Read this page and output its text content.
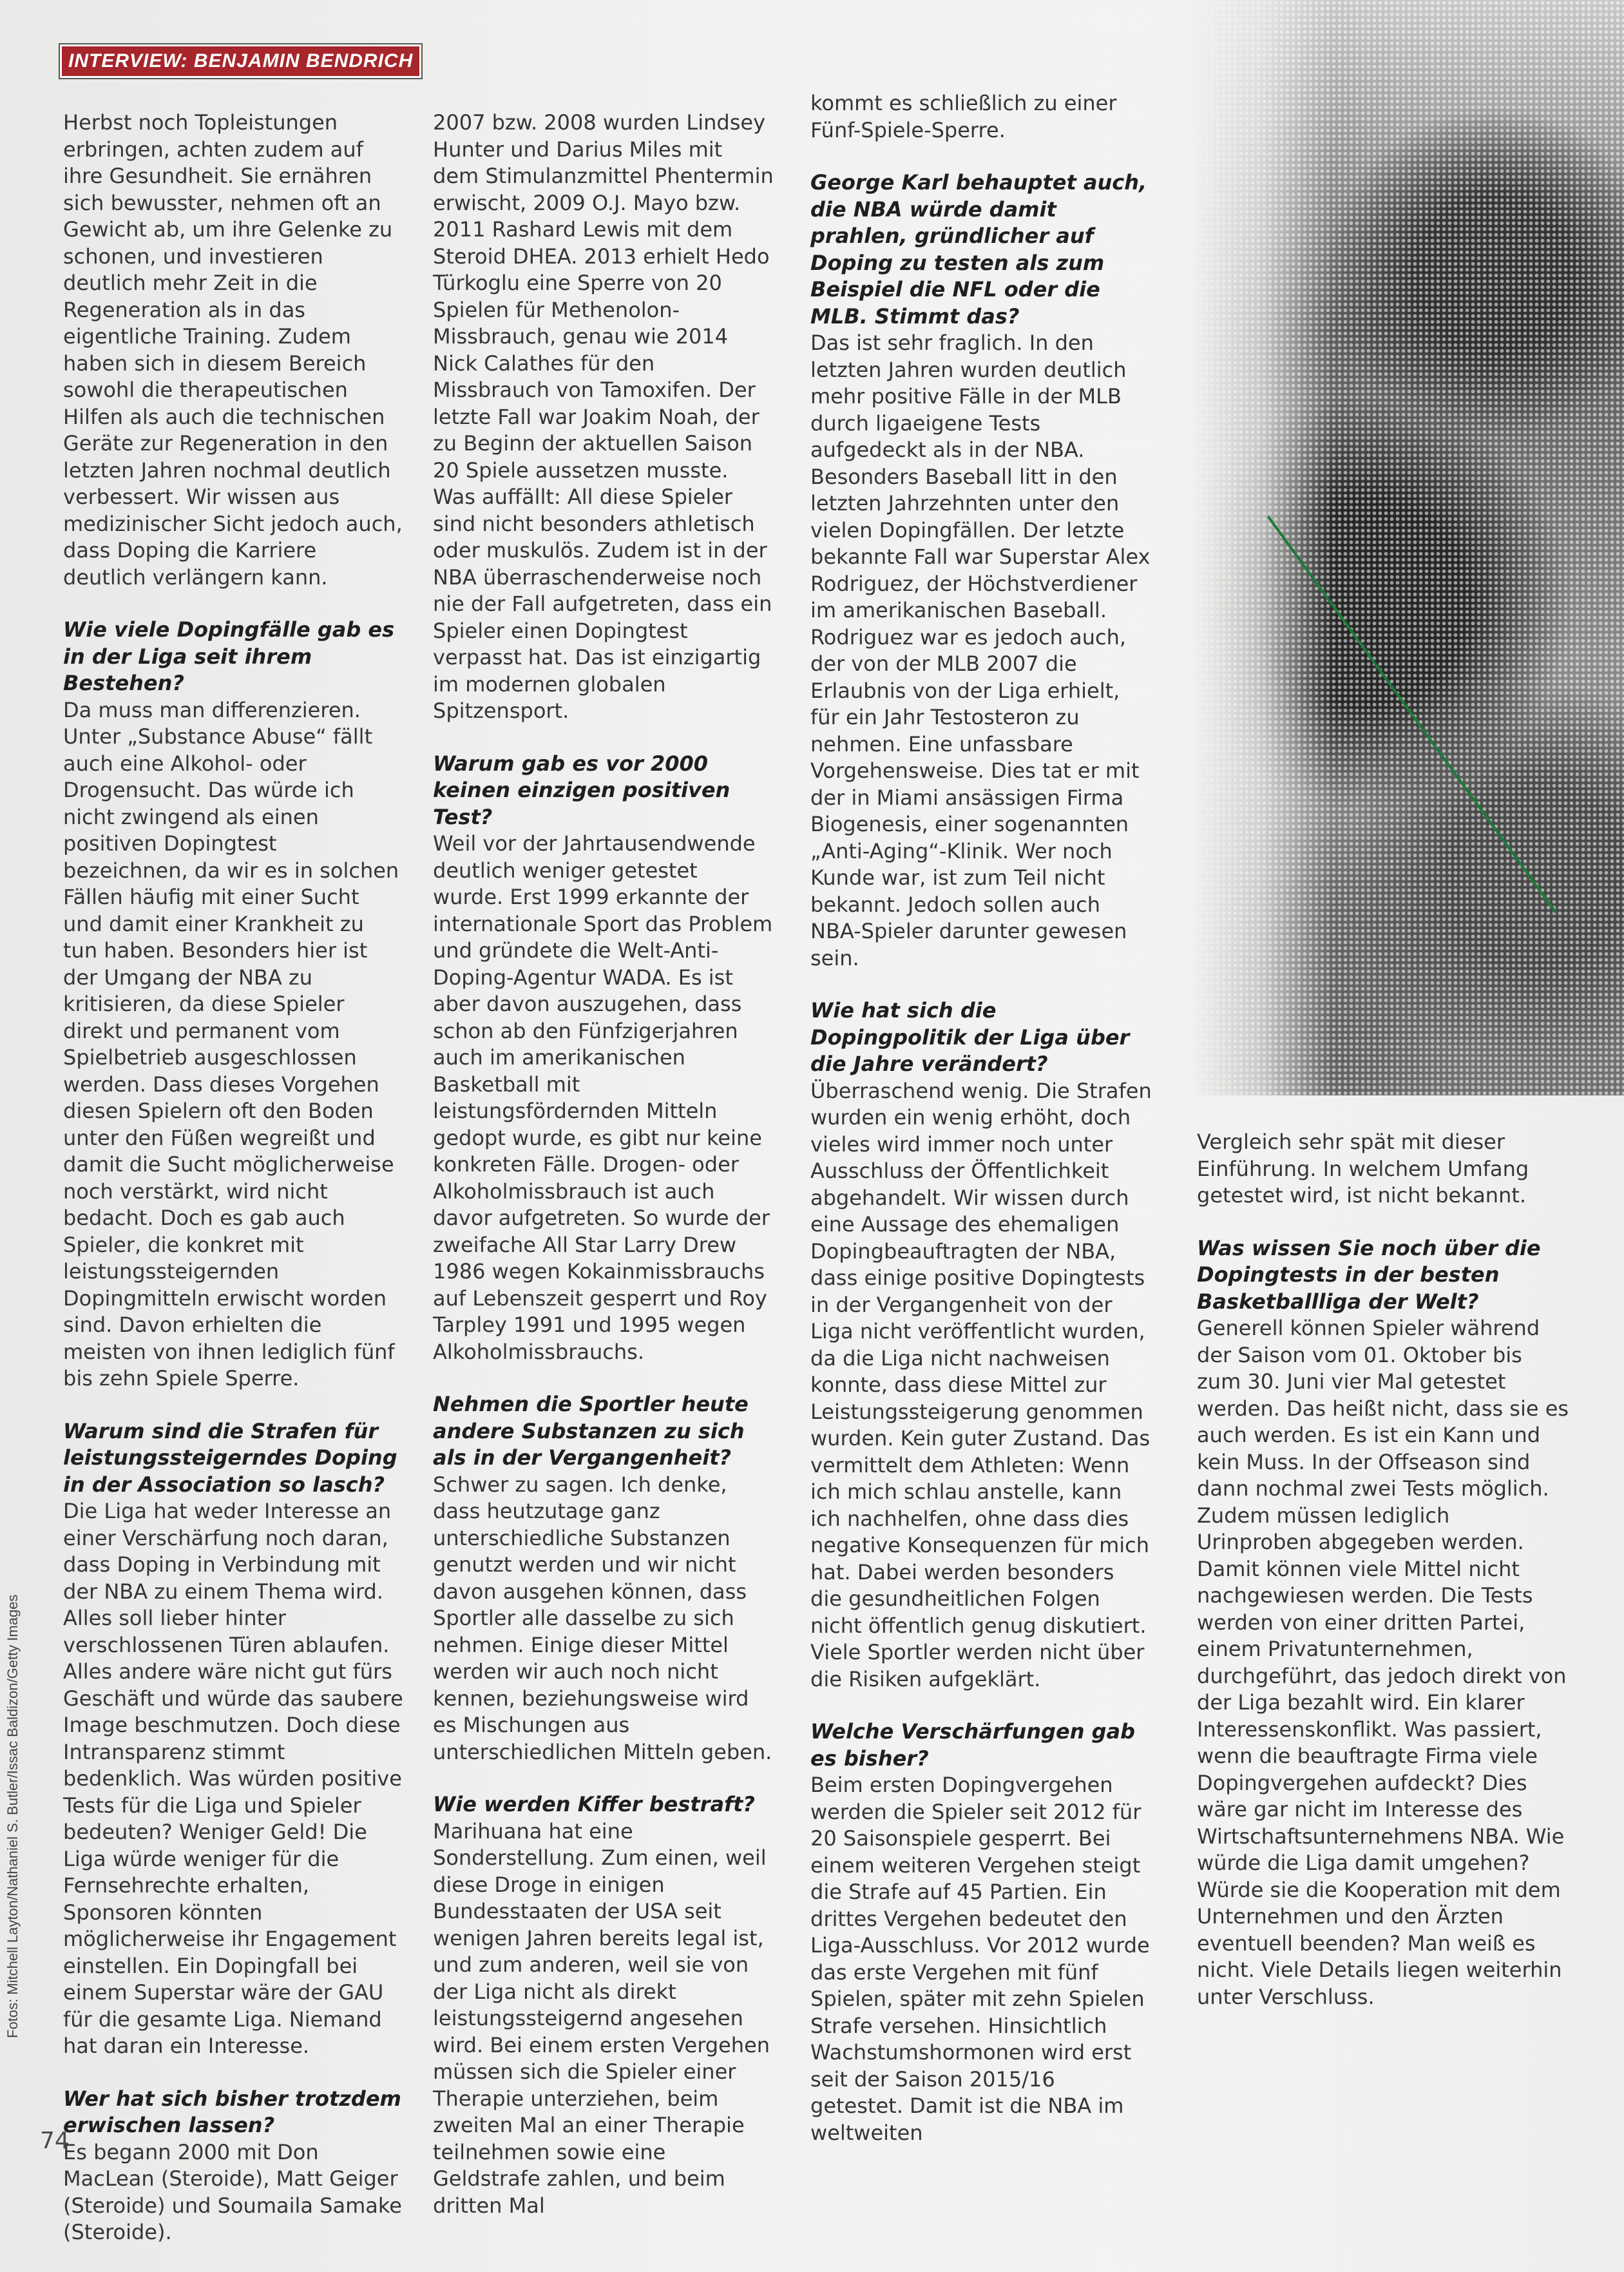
INTERVIEW: BENJAMIN BENDRICH

Herbst noch Topleistungen erbringen, achten zudem auf ihre Gesundheit. Sie ernähren sich bewusster, nehmen oft an Gewicht ab, um ihre Gelenke zu schonen, und investieren deutlich mehr Zeit in die Regeneration als in das eigentliche Training. Zudem haben sich in diesem Bereich sowohl die therapeutischen Hilfen als auch die technischen Geräte zur Regeneration in den letzten Jahren nochmal deutlich verbessert. Wir wissen aus medizinischer Sicht jedoch auch, dass Doping die Karriere deutlich verlängern kann.

Wie viele Dopingfälle gab es in der Liga seit ihrem Bestehen?

Da muss man differenzieren. Unter „Substance Abuse“ fällt auch eine Alkohol- oder Drogensucht. Das würde ich nicht zwingend als einen positiven Dopingtest bezeichnen, da wir es in solchen Fällen häufig mit einer Sucht und damit einer Krankheit zu tun haben. Besonders hier ist der Umgang der NBA zu kritisieren, da diese Spieler direkt und permanent vom Spielbetrieb ausgeschlossen werden. Dass dieses Vorgehen diesen Spielern oft den Boden unter den Füßen wegreißt und damit die Sucht möglicherweise noch verstärkt, wird nicht bedacht. Doch es gab auch Spieler, die konkret mit leistungssteigernden Dopingmitteln erwischt worden sind. Davon erhielten die meisten von ihnen lediglich fünf bis zehn Spiele Sperre.

Warum sind die Strafen für leistungssteigerndes Doping in der Association so lasch?

Die Liga hat weder Interesse an einer Verschärfung noch daran, dass Doping in Verbindung mit der NBA zu einem Thema wird. Alles soll lieber hinter verschlossenen Türen ablaufen. Alles andere wäre nicht gut fürs Geschäft und würde das saubere Image beschmutzen. Doch diese Intransparenz stimmt bedenklich. Was würden positive Tests für die Liga und Spieler bedeuten? Weniger Geld! Die Liga würde weniger für die Fernsehrechte erhalten, Sponsoren könnten möglicherweise ihr Engagement einstellen. Ein Dopingfall bei einem Superstar wäre der GAU für die gesamte Liga. Niemand hat daran ein Interesse.

Wer hat sich bisher trotzdem erwischen lassen?

Es begann 2000 mit Don MacLean (Steroide), Matt Geiger (Steroide) und Soumaila Samake (Steroide).

2007 bzw. 2008 wurden Lindsey Hunter und Darius Miles mit dem Stimulanzmittel Phentermin erwischt, 2009 O.J. Mayo bzw. 2011 Rashard Lewis mit dem Steroid DHEA. 2013 erhielt Hedo Türkoglu eine Sperre von 20 Spielen für Methenolon-Missbrauch, genau wie 2014 Nick Calathes für den Missbrauch von Tamoxifen. Der letzte Fall war Joakim Noah, der zu Beginn der aktuellen Saison 20 Spiele aussetzen musste. Was auffällt: All diese Spieler sind nicht besonders athletisch oder muskulös. Zudem ist in der NBA überraschenderweise noch nie der Fall aufgetreten, dass ein Spieler einen Dopingtest verpasst hat. Das ist einzigartig im modernen globalen Spitzensport.

Warum gab es vor 2000 keinen einzigen positiven Test?

Weil vor der Jahrtausendwende deutlich weniger getestet wurde. Erst 1999 erkannte der internationale Sport das Problem und gründete die Welt-Anti-Doping-Agentur WADA. Es ist aber davon auszugehen, dass schon ab den Fünfzigerjahren auch im amerikanischen Basketball mit leistungsfördernden Mitteln gedopt wurde, es gibt nur keine konkreten Fälle. Drogen- oder Alkoholmissbrauch ist auch davor aufgetreten. So wurde der zweifache All Star Larry Drew 1986 wegen Kokainmissbrauchs auf Lebenszeit gesperrt und Roy Tarpley 1991 und 1995 wegen Alkoholmissbrauchs.

Nehmen die Sportler heute andere Substanzen zu sich als in der Vergangenheit?

Schwer zu sagen. Ich denke, dass heutzutage ganz unterschiedliche Substanzen genutzt werden und wir nicht davon ausgehen können, dass Sportler alle dasselbe zu sich nehmen. Einige dieser Mittel werden wir auch noch nicht kennen, beziehungsweise wird es Mischungen aus unterschiedlichen Mitteln geben.

Wie werden Kiffer bestraft?

Marihuana hat eine Sonderstellung. Zum einen, weil diese Droge in einigen Bundesstaaten der USA seit wenigen Jahren bereits legal ist, und zum anderen, weil sie von der Liga nicht als direkt leistungssteigernd angesehen wird. Bei einem ersten Vergehen müssen sich die Spieler einer Therapie unterziehen, beim zweiten Mal an einer Therapie teilnehmen sowie eine Geldstrafe zahlen, und beim dritten Mal

kommt es schließlich zu einer Fünf-Spiele-Sperre.

George Karl behauptet auch, die NBA würde damit prahlen, gründlicher auf Doping zu testen als zum Beispiel die NFL oder die MLB. Stimmt das?

Das ist sehr fraglich. In den letzten Jahren wurden deutlich mehr positive Fälle in der MLB durch ligaeigene Tests aufgedeckt als in der NBA. Besonders Baseball litt in den letzten Jahrzehnten unter den vielen Dopingfällen. Der letzte bekannte Fall war Superstar Alex Rodriguez, der Höchstverdiener im amerikanischen Baseball. Rodriguez war es jedoch auch, der von der MLB 2007 die Erlaubnis von der Liga erhielt, für ein Jahr Testosteron zu nehmen. Eine unfassbare Vorgehensweise. Dies tat er mit der in Miami ansässigen Firma Biogenesis, einer sogenannten „Anti-Aging“-Klinik. Wer noch Kunde war, ist zum Teil nicht bekannt. Jedoch sollen auch NBA-Spieler darunter gewesen sein.

Wie hat sich die Dopingpolitik der Liga über die Jahre verändert?

Überraschend wenig. Die Strafen wurden ein wenig erhöht, doch vieles wird immer noch unter Ausschluss der Öffentlichkeit abgehandelt. Wir wissen durch eine Aussage des ehemaligen Dopingbeauftragten der NBA, dass einige positive Dopingtests in der Vergangenheit von der Liga nicht veröffentlicht wurden, da die Liga nicht nachweisen konnte, dass diese Mittel zur Leistungssteigerung genommen wurden. Kein guter Zustand. Das vermittelt dem Athleten: Wenn ich mich schlau anstelle, kann ich nachhelfen, ohne dass dies negative Konsequenzen für mich hat. Dabei werden besonders die gesundheitlichen Folgen nicht öffentlich genug diskutiert. Viele Sportler werden nicht über die Risiken aufgeklärt.

Welche Verschärfungen gab es bisher?

Beim ersten Dopingvergehen werden die Spieler seit 2012 für 20 Saisonspiele gesperrt. Bei einem weiteren Vergehen steigt die Strafe auf 45 Partien. Ein drittes Vergehen bedeutet den Liga-Ausschluss. Vor 2012 wurde das erste Vergehen mit fünf Spielen, später mit zehn Spielen Strafe versehen. Hinsichtlich Wachstumshormonen wird erst seit der Saison 2015/16 getestet. Damit ist die NBA im weltweiten

Vergleich sehr spät mit dieser Einführung. In welchem Umfang getestet wird, ist nicht bekannt.

Was wissen Sie noch über die Dopingtests in der besten Basketballliga der Welt?

Generell können Spieler während der Saison vom 01. Oktober bis zum 30. Juni vier Mal getestet werden. Das heißt nicht, dass sie es auch werden. Es ist ein Kann und kein Muss. In der Offseason sind dann nochmal zwei Tests möglich. Zudem müssen lediglich Urinproben abgegeben werden. Damit können viele Mittel nicht nachgewiesen werden. Die Tests werden von einer dritten Partei, einem Privatunternehmen, durchgeführt, das jedoch direkt von der Liga bezahlt wird. Ein klarer Interessenskonflikt. Was passiert, wenn die beauftragte Firma viele Dopingvergehen aufdeckt? Dies wäre gar nicht im Interesse des Wirtschaftsunternehmens NBA. Wie würde die Liga damit umgehen? Würde sie die Kooperation mit dem Unternehmen und den Ärzten eventuell beenden? Man weiß es nicht. Viele Details liegen weiterhin unter Verschluss.

Fotos: Mitchell Layton/Nathaniel S. Butler/Issac Baldizon/Getty Images
74
